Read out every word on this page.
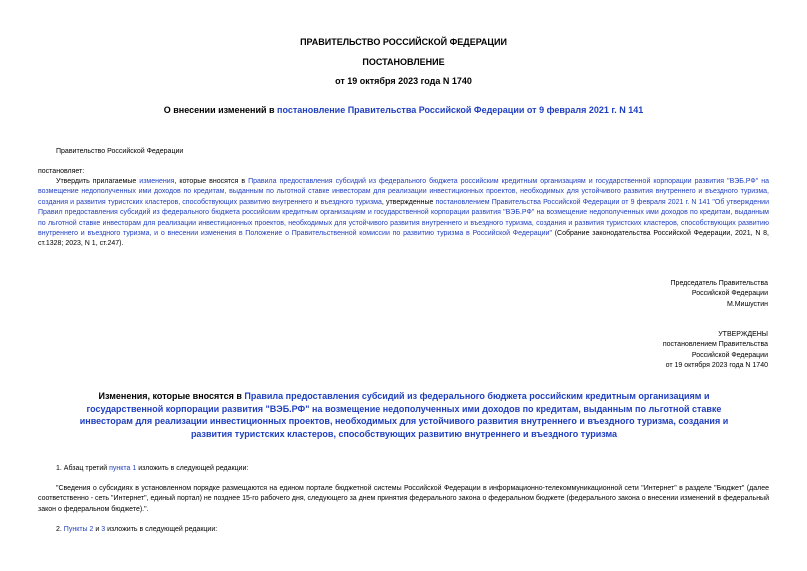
ПРАВИТЕЛЬСТВО РОССИЙСКОЙ ФЕДЕРАЦИИ
ПОСТАНОВЛЕНИЕ
от 19 октября 2023 года N 1740
О внесении изменений в постановление Правительства Российской Федерации от 9 февраля 2021 г. N 141
Правительство Российской Федерации
постановляет:
Утвердить прилагаемые изменения, которые вносятся в Правила предоставления субсидий из федерального бюджета российским кредитным организациям и государственной корпорации развития "ВЭБ.РФ" на возмещение недополученных ими доходов по кредитам, выданным по льготной ставке инвесторам для реализации инвестиционных проектов, необходимых для устойчивого развития внутреннего и въездного туризма, создания и развития туристских кластеров, способствующих развитию внутреннего и въездного туризма, утвержденные постановлением Правительства Российской Федерации от 9 февраля 2021 г. N 141 "Об утверждении Правил предоставления субсидий из федерального бюджета российским кредитным организациям и государственной корпорации развития "ВЭБ.РФ" на возмещение недополученных ими доходов по кредитам, выданным по льготной ставке инвесторам для реализации инвестиционных проектов, необходимых для устойчивого развития внутреннего и въездного туризма, создания и развития туристских кластеров, способствующих развитию внутреннего и въездного туризма, и о внесении изменения в Положение о Правительственной комиссии по развитию туризма в Российской Федерации" (Собрание законодательства Российской Федерации, 2021, N 8, ст.1328; 2023, N 1, ст.247).
Председатель Правительства
Российской Федерации
М.Мишустин
УТВЕРЖДЕНЫ
постановлением Правительства
Российской Федерации
от 19 октября 2023 года N 1740
Изменения, которые вносятся в Правила предоставления субсидий из федерального бюджета российским кредитным организациям и государственной корпорации развития "ВЭБ.РФ" на возмещение недополученных ими доходов по кредитам, выданным по льготной ставке инвесторам для реализации инвестиционных проектов, необходимых для устойчивого развития внутреннего и въездного туризма, создания и развития туристских кластеров, способствующих развитию внутреннего и въездного туризма
1. Абзац третий пункта 1 изложить в следующей редакции:
"Сведения о субсидиях в установленном порядке размещаются на едином портале бюджетной системы Российской Федерации в информационно-телекоммуникационной сети "Интернет" в разделе "Бюджет" (далее соответственно - сеть "Интернет", единый портал) не позднее 15-го рабочего дня, следующего за днем принятия федерального закона о федеральном бюджете (федерального закона о внесении изменений в федеральный закон о федеральном бюджете).".
2. Пункты 2 и 3 изложить в следующей редакции:
